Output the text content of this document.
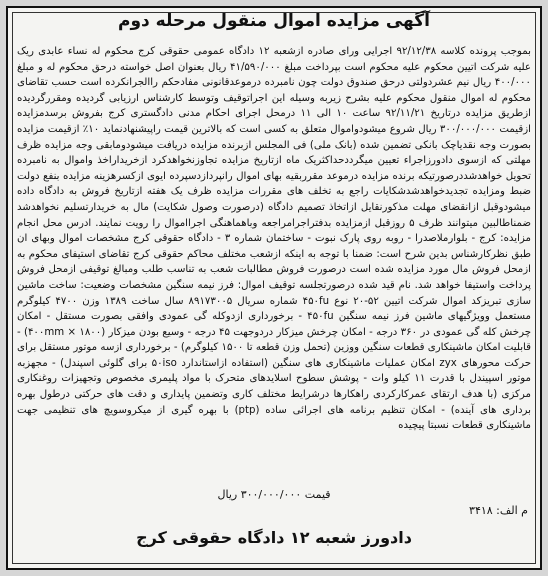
آگهی مزایده اموال منقول مرحله دوم
بموجب پرونده کلاسه ۹۲/۱۲/۳۸ اجرایی ورای صادره ازشعبه ۱۲ دادگاه عمومی حقوقی کرج محکوم له نساء عابدی ریک علیه شرکت اتیین محکوم علیه محکوم است بپرداخت مبلغ ۴۱/۵۹۰/۰۰۰ ریال بعنوان اصل خواسته درحق محکوم له و مبلغ ۴۰۰/۰۰۰ ریال نیم عشردولتی درحق صندوق دولت چون نامبرده درموعدقانونی مفادحکم راالجرانکرده است حسب تقاضای محکوم له اموال منقول محکوم علیه بشرح زیربه وسیله این اجراتوقیف وتوسط کارشناس ارزیابی گردیده ومقررگردیده ازطریق مزایده درتاریخ ۹۲/۱۱/۲۱ ساعت ۱۰ الی ۱۱ درمحل اجرای احکام مدنی دادگستری کرج بفروش برسدمزایده ازقیمت ۳۰۰/۰۰۰/۰۰۰ ریال شروع میشودواموال متعلق به کسی است که بالاترین قیمت راپیشنهادنماید ۱۰٪ ازقیمت مزایده بصورت وجه نقدیاچک بانکی تضمین شده (بانک ملی) فی المجلس ازبرنده مزایده دریافت میشودومابقی وجه مزایده ظرف مهلتی که ازسوی دادورزاجراء تعیین میگرددحداکثریک ماه ازتاریخ مزایده تجاوزنخواهدکرد ازخریداراخذ واموال به نامبرده تحویل خواهدشددرصورتیکه برنده مزایده درموعد مقرربقیه بهای اموال رانپردازدسپرده ایوی ازکسرهزینه مزایده بنفع دولت ضبط ومزایده تجدیدخواهدشدشکایات راجع به تخلف های مقررات مزایده ظرف یک هفته ازتاریخ فروش به دادگاه داده میشودوقبل ازانقضای مهلت مذکورنقایل ازاتخاذ تصمیم دادگاه (درصورت وصول شکایت) مال به خریدارتسلیم نخواهدشد ضمناطالبین میتوانند ظرف ۵ روزقبل ازمزایده بدفتراجرامراجعه وباهماهنگی اجرااموال را رویت نمایند. ادرس محل انجام مزایده: کرج - بلوارملاصدرا - روبه روی پارک نبوت - ساختمان شماره ۳ - دادگاه حقوقی کرج مشخصات اموال وبهای ان طبق نظرکارشناس بدین شرح است: ضمنا با توجه به اینکه ازشعب مختلف محاکم حقوقی کرج تقاضای استیفای محکوم به ازمحل فروش مال مورد مزایده شده است درصورت فروش مطالبات شعب به تناسب طلب ومبالغ توقیفی ازمحل فروش پرداخت واستیفا خواهد شد. نام قید شده درصورتجلسه توقیف اموال: فرز نیمه سنگین مشخصات وضعیت: ساخت ماشین سازی تبریزکد اموال شرکت اتیین ۵۲-۲۰ نوع ۴۵۰fu شماره سریال ۸۹۱۷۳۰۰۵ سال ساخت ۱۳۸۹ وزن ۴۷۰۰ کیلوگرم مستعمل وویژگیهای ماشین فرز نیمه سنگین ۴۵۰fu - برخورداری ازدوکله گی عمودی وافقی بصورت مستقل - امکان چرخش کله گی عمودی در ۳۶۰ درجه - امکان چرخش میزکار دردوجهت ۴۵ درجه - وسیع بودن میزکار (۱۸۰۰ × ۴۰۰mm) - قابلیت امکان ماشینکاری قطعات سنگین ووزین (تحمل وزن قطعه تا ۱۵۰۰ کیلوگرم) - برخورداری ازسه موتور مستقل برای حرکت محورهای zyx امکان عملیات ماشینکاری های سنگین (استفاده ازاستاندارد ۵۰iso برای گلوئی اسپندل) - مجهزبه موتور اسپیندل با قدرت ۱۱ کیلو وات - پوشش سطوح اسلایدهای متحرک با مواد پلیمری مخصوص وتجهیزات روغنکاری مرکزی (با هدف ارتقای عمرکارکردی راهکارها درشرایط مختلف کاری وتضمین پایداری و دقت های حرکتی درطول بهره برداری های آینده) - امکان تنظیم برنامه های اجرائی ساده (ptp) با بهره گیری از میکروسویچ های تنظیمی جهت ماشینکاری قطعات نسبتا پیچیده
قیمت ۳۰۰/۰۰۰/۰۰۰ ریال
م الف: ۳۴۱۸
دادورز شعبه ۱۲ دادگاه حقوقی کرج
